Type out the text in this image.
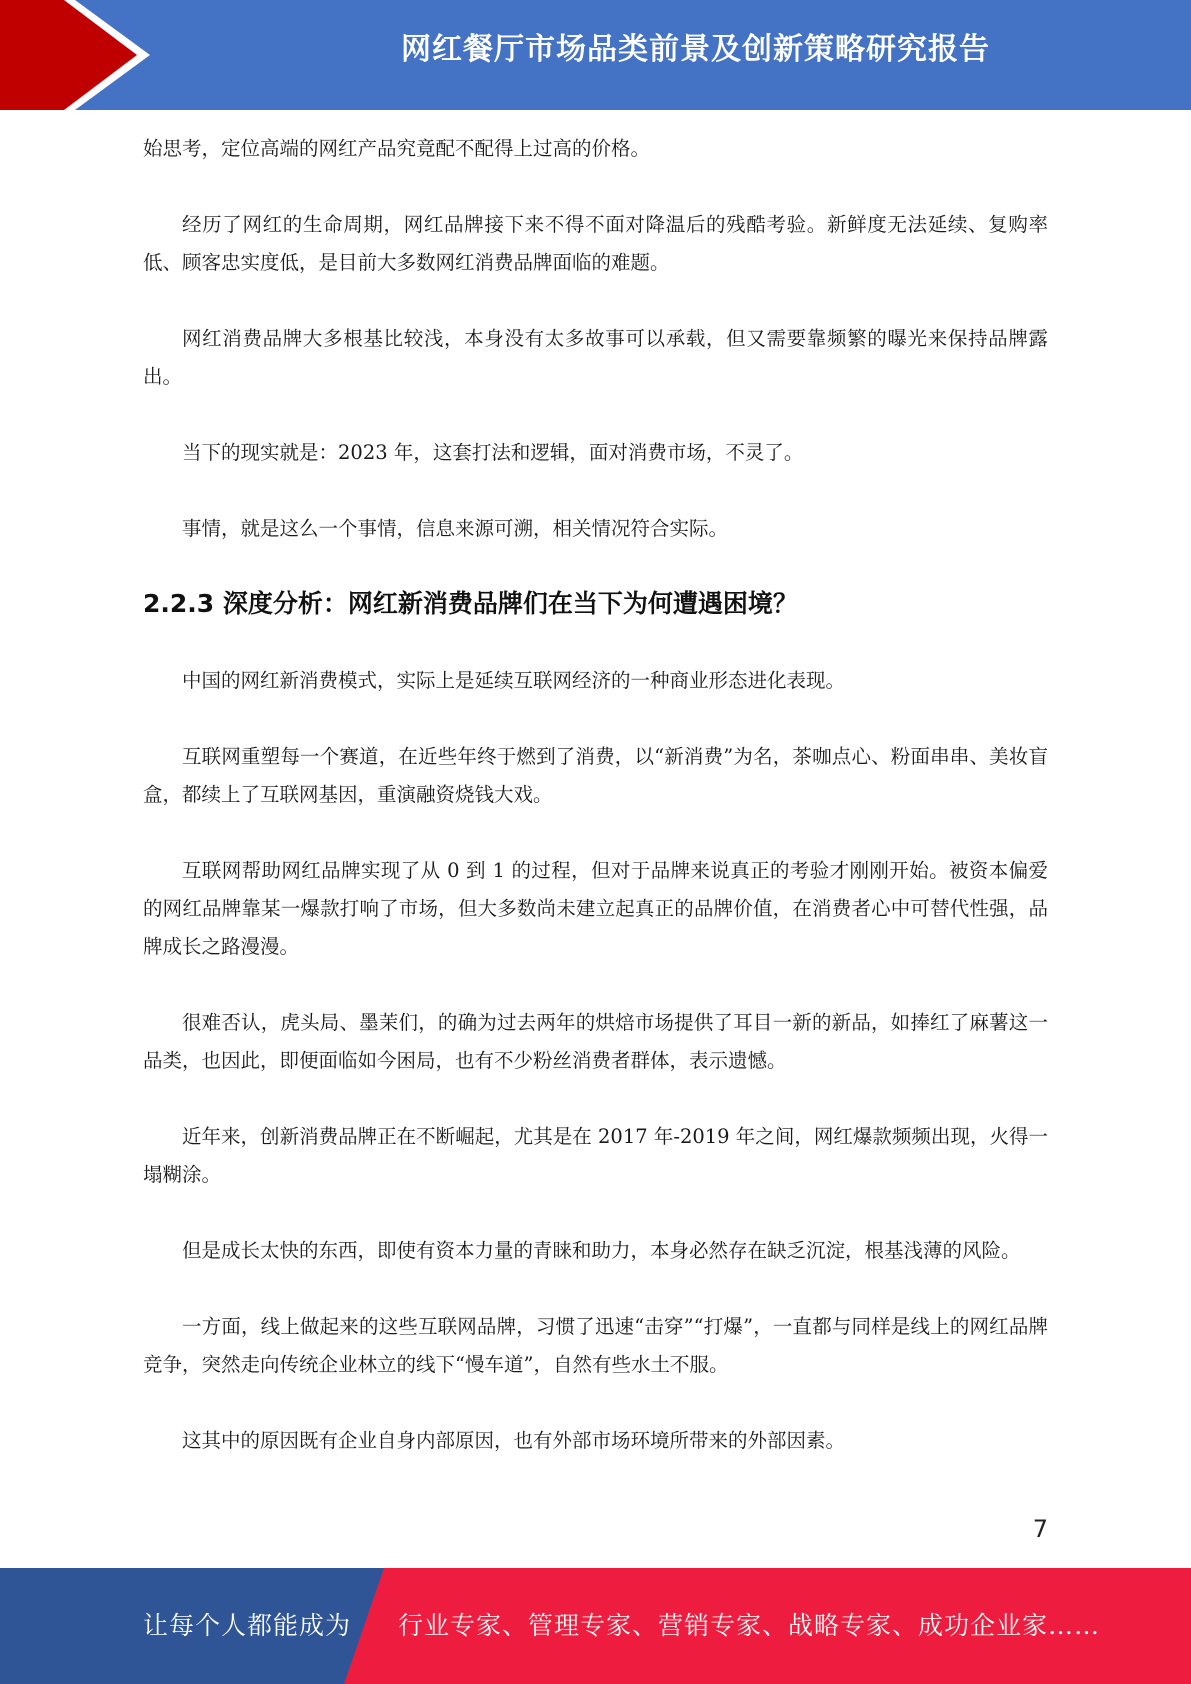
网红餐厅市场品类前景及创新策略研究报告

始思考，定位高端的网红产品究竟配不配得上过高的价格。

经历了网红的生命周期，网红品牌接下来不得不面对降温后的残酷考验。新鲜度无法延续、复购率低、顾客忠实度低，是目前大多数网红消费品牌面临的难题。

网红消费品牌大多根基比较浅，本身没有太多故事可以承载，但又需要靠频繁的曝光来保持品牌露出。

当下的现实就是：2023 年，这套打法和逻辑，面对消费市场，不灵了。

事情，就是这么一个事情，信息来源可溯，相关情况符合实际。

2.2.3 深度分析：网红新消费品牌们在当下为何遭遇困境？

中国的网红新消费模式，实际上是延续互联网经济的一种商业形态进化表现。

互联网重塑每一个赛道，在近些年终于燃到了消费，以“新消费”为名，茶咖点心、粉面串串、美妆盲盒，都续上了互联网基因，重演融资烧钱大戏。

互联网帮助网红品牌实现了从 0 到 1 的过程，但对于品牌来说真正的考验才刚刚开始。被资本偏爱的网红品牌靠某一爆款打响了市场，但大多数尚未建立起真正的品牌价值，在消费者心中可替代性强，品牌成长之路漫漫。

很难否认，虎头局、墨茉们，的确为过去两年的烘焙市场提供了耳目一新的新品，如捧红了麻薯这一品类，也因此，即便面临如今困局，也有不少粉丝消费者群体，表示遗憾。

近年来，创新消费品牌正在不断崛起，尤其是在 2017 年-2019 年之间，网红爆款频频出现，火得一塌糊涂。

但是成长太快的东西，即使有资本力量的青睐和助力，本身必然存在缺乏沉淀，根基浅薄的风险。

一方面，线上做起来的这些互联网品牌，习惯了迅速“击穿”“打爆”，一直都与同样是线上的网红品牌竞争，突然走向传统企业林立的线下“慢车道”，自然有些水土不服。

这其中的原因既有企业自身内部原因，也有外部市场环境所带来的外部因素。

7
让每个人都能成为 行业专家、管理专家、营销专家、战略专家、成功企业家……
